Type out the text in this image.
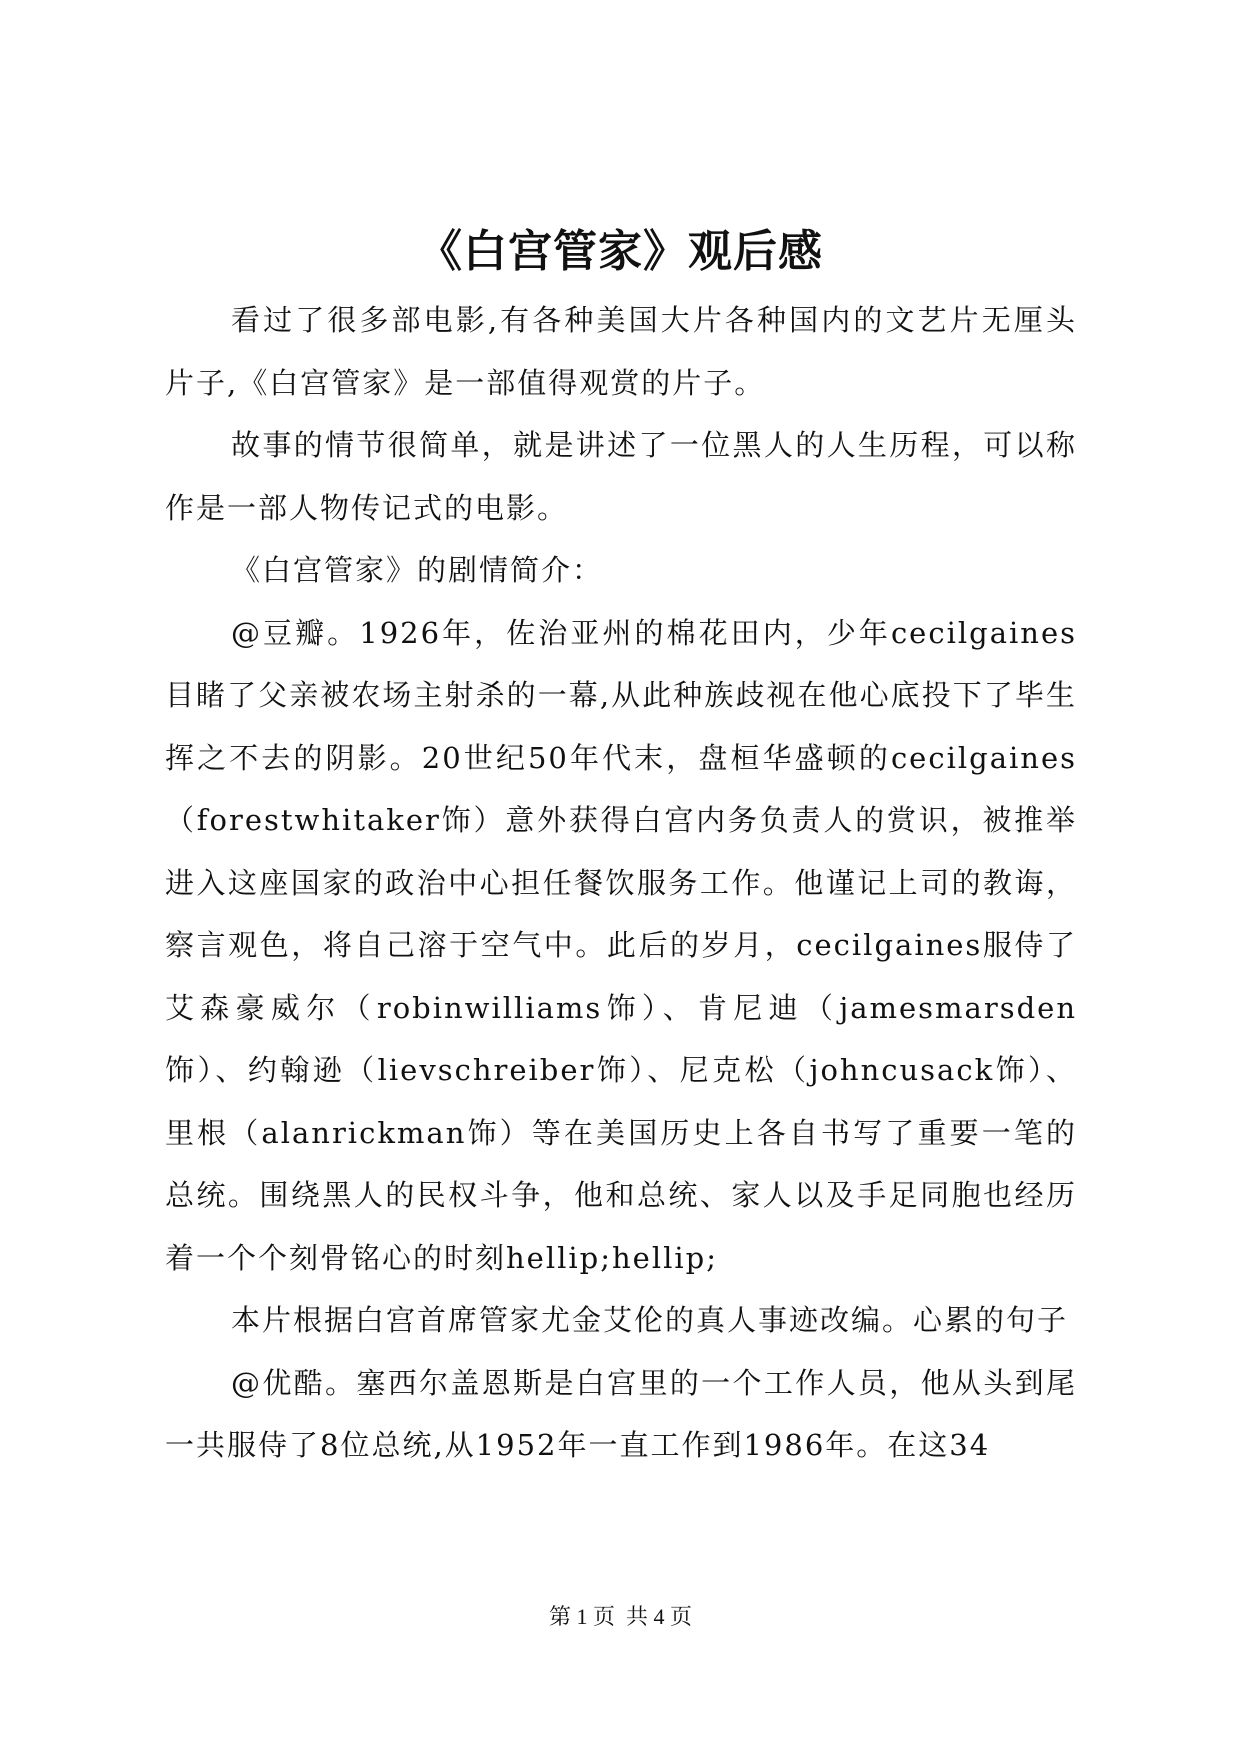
《白宫管家》观后感

看过了很多部电影,有各种美国大片各种国内的文艺片无厘头片子,《白宫管家》是一部值得观赏的片子。

故事的情节很简单，就是讲述了一位黑人的人生历程，可以称作是一部人物传记式的电影。

《白宫管家》的剧情简介：

@豆瓣。1926年，佐治亚州的棉花田内，少年cecilgaines目睹了父亲被农场主射杀的一幕,从此种族歧视在他心底投下了毕生挥之不去的阴影。20世纪50年代末，盘桓华盛顿的cecilgaines（forestwhitaker饰）意外获得白宫内务负责人的赏识，被推举进入这座国家的政治中心担任餐饮服务工作。他谨记上司的教诲，察言观色，将自己溶于空气中。此后的岁月，cecilgaines服侍了艾森豪威尔（robinwilliams饰）、肯尼迪（jamesmarsden饰）、约翰逊（lievschreiber饰）、尼克松（johncusack饰）、里根（alanrickman饰）等在美国历史上各自书写了重要一笔的总统。围绕黑人的民权斗争，他和总统、家人以及手足同胞也经历着一个个刻骨铭心的时刻hellip;hellip;

本片根据白宫首席管家尤金艾伦的真人事迹改编。心累的句子

@优酷。塞西尔盖恩斯是白宫里的一个工作人员，他从头到尾一共服侍了8位总统,从1952年一直工作到1986年。在这34

第 1 页  共 4 页
